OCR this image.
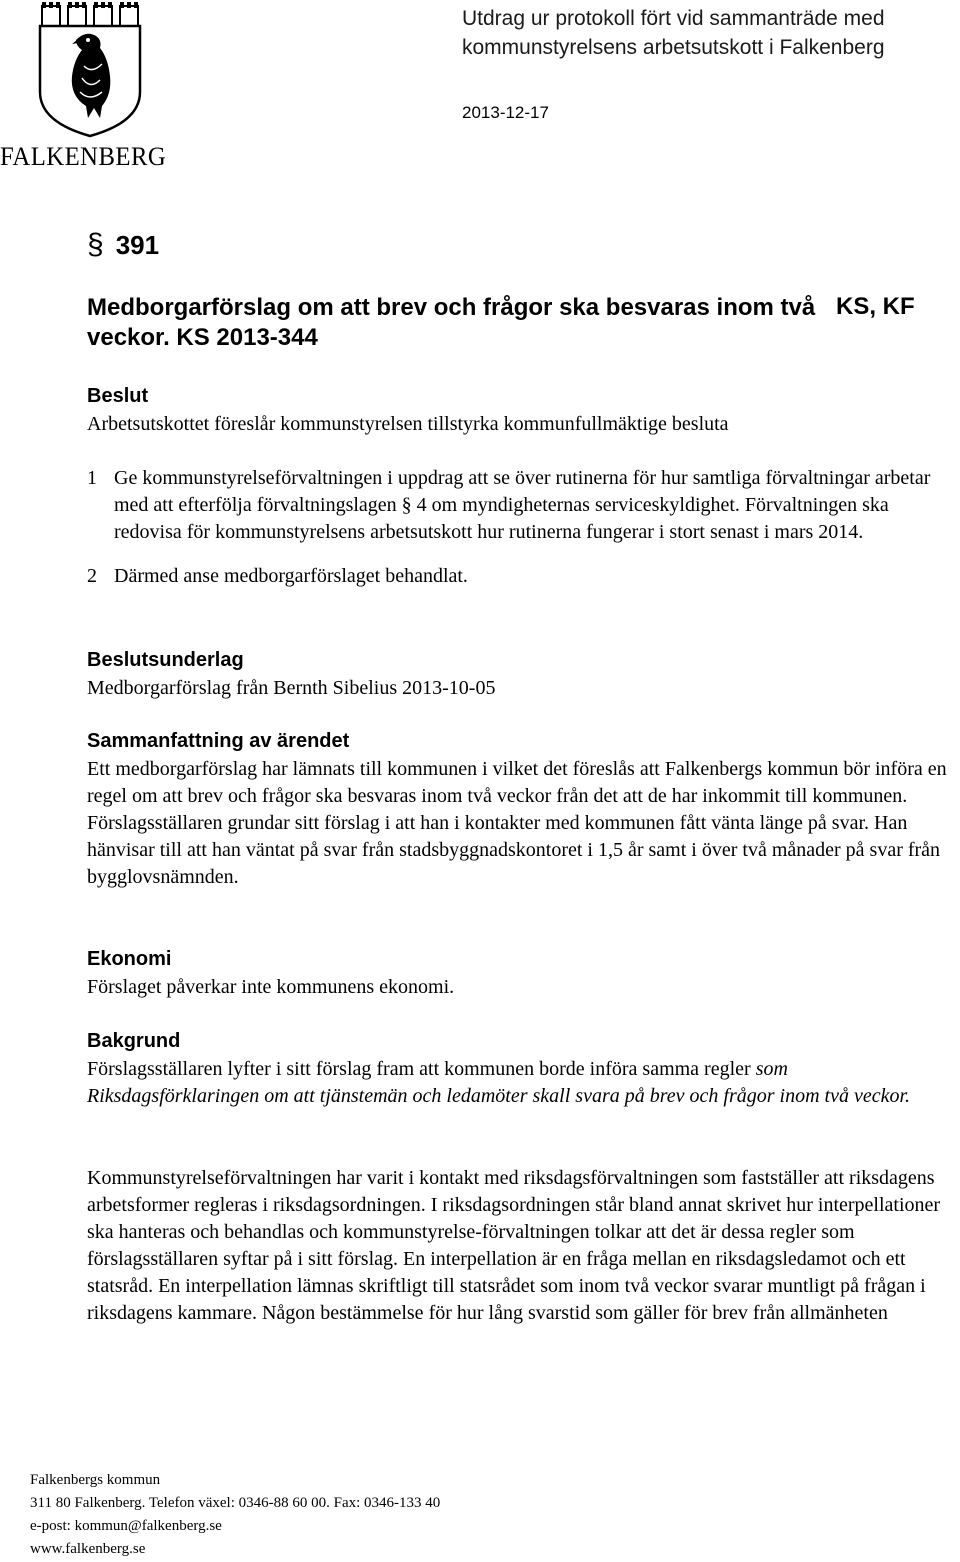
FALKENBERG
Utdrag ur protokoll fört vid sammanträde med kommunstyrelsens arbetsutskott i Falkenberg
2013-12-17
§ 391
Medborgarförslag om att brev och frågor ska besvaras inom två veckor. KS 2013-344
KS, KF
Beslut
Arbetsutskottet föreslår kommunstyrelsen tillstyrka kommunfullmäktige besluta
1 Ge kommunstyrelseförvaltningen i uppdrag att se över rutinerna för hur samtliga förvaltningar arbetar med att efterfölja förvaltningslagen § 4 om myndigheternas serviceskyldighet. Förvaltningen ska redovisa för kommunstyrelsens arbetsutskott hur rutinerna fungerar i stort senast i mars 2014.
2 Därmed anse medborgarförslaget behandlat.
Beslutsunderlag
Medborgarförslag från Bernth Sibelius 2013-10-05
Sammanfattning av ärendet
Ett medborgarförslag har lämnats till kommunen i vilket det föreslås att Falkenbergs kommun bör införa en regel om att brev och frågor ska besvaras inom två veckor från det att de har inkommit till kommunen. Förslagsställaren grundar sitt förslag i att han i kontakter med kommunen fått vänta länge på svar. Han hänvisar till att han väntat på svar från stadsbyggnadskontoret i 1,5 år samt i över två månader på svar från bygglovsnämnden.
Ekonomi
Förslaget påverkar inte kommunens ekonomi.
Bakgrund
Förslagsställaren lyfter i sitt förslag fram att kommunen borde införa samma regler som Riksdagsförklaringen om att tjänstemän och ledamöter skall svara på brev och frågor inom två veckor.
Kommunstyrelseförvaltningen har varit i kontakt med riksdagsförvaltningen som fastställer att riksdagens arbetsformer regleras i riksdagsordningen. I riksdagsordningen står bland annat skrivet hur interpellationer ska hanteras och behandlas och kommunstyrelse-förvaltningen tolkar att det är dessa regler som förslagsställaren syftar på i sitt förslag. En interpellation är en fråga mellan en riksdagsledamot och ett statsråd. En interpellation lämnas skriftligt till statsrådet som inom två veckor svarar muntligt på frågan i riksdagens kammare. Någon bestämmelse för hur lång svarstid som gäller för brev från allmänheten
Falkenbergs kommun
311 80 Falkenberg. Telefon växel: 0346-88 60 00. Fax: 0346-133 40
e-post: kommun@falkenberg.se
www.falkenberg.se
